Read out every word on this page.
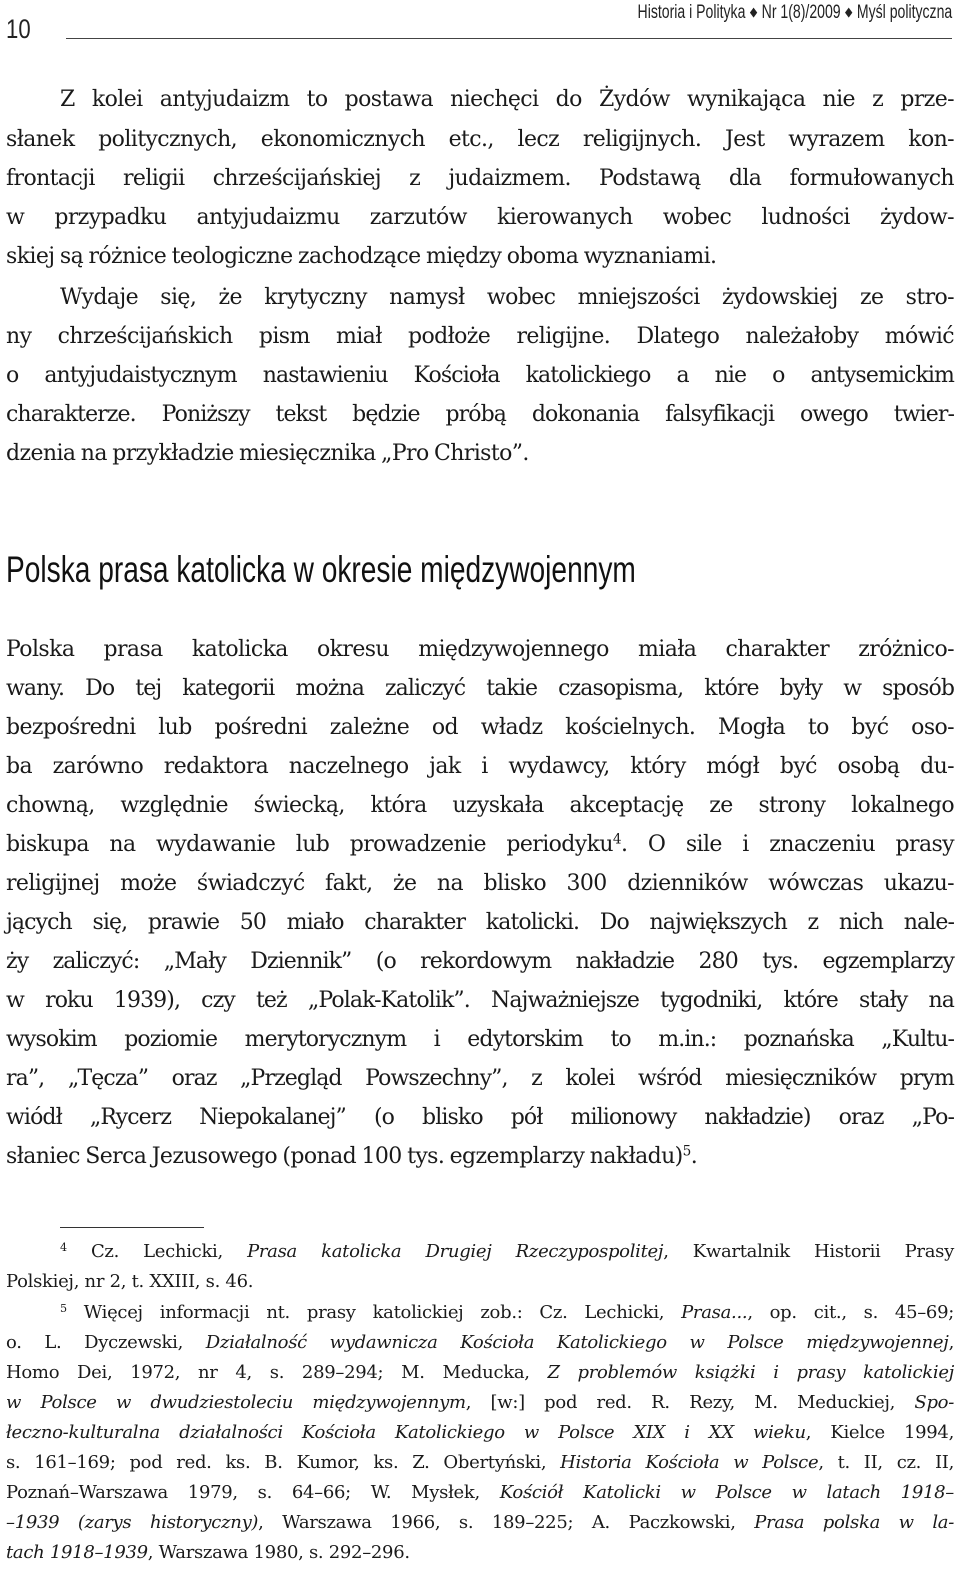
10
Historia i Polityka ◆ Nr 1(8)/2009 ◆ Myśl polityczna
Z kolei antyjudaizm to postawa niechęci do Żydów wynikająca nie z prze-
słanek politycznych, ekonomicznych etc., lecz religijnych. Jest wyrazem kon-
frontacji religii chrześcijańskiej z judaizmem. Podstawą dla formułowanych
w przypadku antyjudaizmu zarzutów kierowanych wobec ludności żydow-
skiej są różnice teologiczne zachodzące między oboma wyznaniami.
Wydaje się, że krytyczny namysł wobec mniejszości żydowskiej ze stro-
ny chrześcijańskich pism miał podłoże religijne. Dlatego należałoby mówić
o antyjudaistycznym nastawieniu Kościoła katolickiego a nie o antysemickim
charakterze. Poniższy tekst będzie próbą dokonania falsyfikacji owego twier-
dzenia na przykładzie miesięcznika „Pro Christo”.
Polska prasa katolicka w okresie międzywojennym
Polska prasa katolicka okresu międzywojennego miała charakter zróżnico-
wany. Do tej kategorii można zaliczyć takie czasopisma, które były w sposób
bezpośredni lub pośredni zależne od władz kościelnych. Mogła to być oso-
ba zarówno redaktora naczelnego jak i wydawcy, który mógł być osobą du-
chowną, względnie świecką, która uzyskała akceptację ze strony lokalnego
biskupa na wydawanie lub prowadzenie periodyku$^4$. O sile i znaczeniu prasy
religijnej może świadczyć fakt, że na blisko 300 dzienników wówczas ukazu-
jących się, prawie 50 miało charakter katolicki. Do największych z nich nale-
ży zaliczyć: „Mały Dziennik” (o rekordowym nakładzie 280 tys. egzemplarzy
w roku 1939), czy też „Polak-Katolik”. Najważniejsze tygodniki, które stały na
wysokim poziomie merytorycznym i edytorskim to m.in.: poznańska „Kultu-
ra”, „Tęcza” oraz „Przegląd Powszechny”, z kolei wśród miesięczników prym
wiódł „Rycerz Niepokalanej” (o blisko pół milionowy nakładzie) oraz „Po-
słaniec Serca Jezusowego (ponad 100 tys. egzemplarzy nakładu)$^5$.
$^4$ Cz. Lechicki, Prasa katolicka Drugiej Rzeczypospolitej, Kwartalnik Historii Prasy
Polskiej, nr 2, t. XXIII, s. 46.
$^5$ Więcej informacji nt. prasy katolickiej zob.: Cz. Lechicki, Prasa..., op. cit., s. 45–69;
o. L. Dyczewski, Działalność wydawnicza Kościoła Katolickiego w Polsce międzywojennej,
Homo Dei, 1972, nr 4, s. 289–294; M. Meducka, Z problemów książki i prasy katolickiej
w Polsce w dwudziestoleciu międzywojennym, [w:] pod red. R. Rezy, M. Meduckiej, Spo-
łeczno-kulturalna działalności Kościoła Katolickiego w Polsce XIX i XX wieku, Kielce 1994,
s. 161–169; pod red. ks. B. Kumor, ks. Z. Obertyński, Historia Kościoła w Polsce, t. II, cz. II,
Poznań–Warszawa 1979, s. 64–66; W. Mysłek, Kościół Katolicki w Polsce w latach 1918–
–1939 (zarys historyczny), Warszawa 1966, s. 189–225; A. Paczkowski, Prasa polska w la-
tach 1918–1939, Warszawa 1980, s. 292–296.
